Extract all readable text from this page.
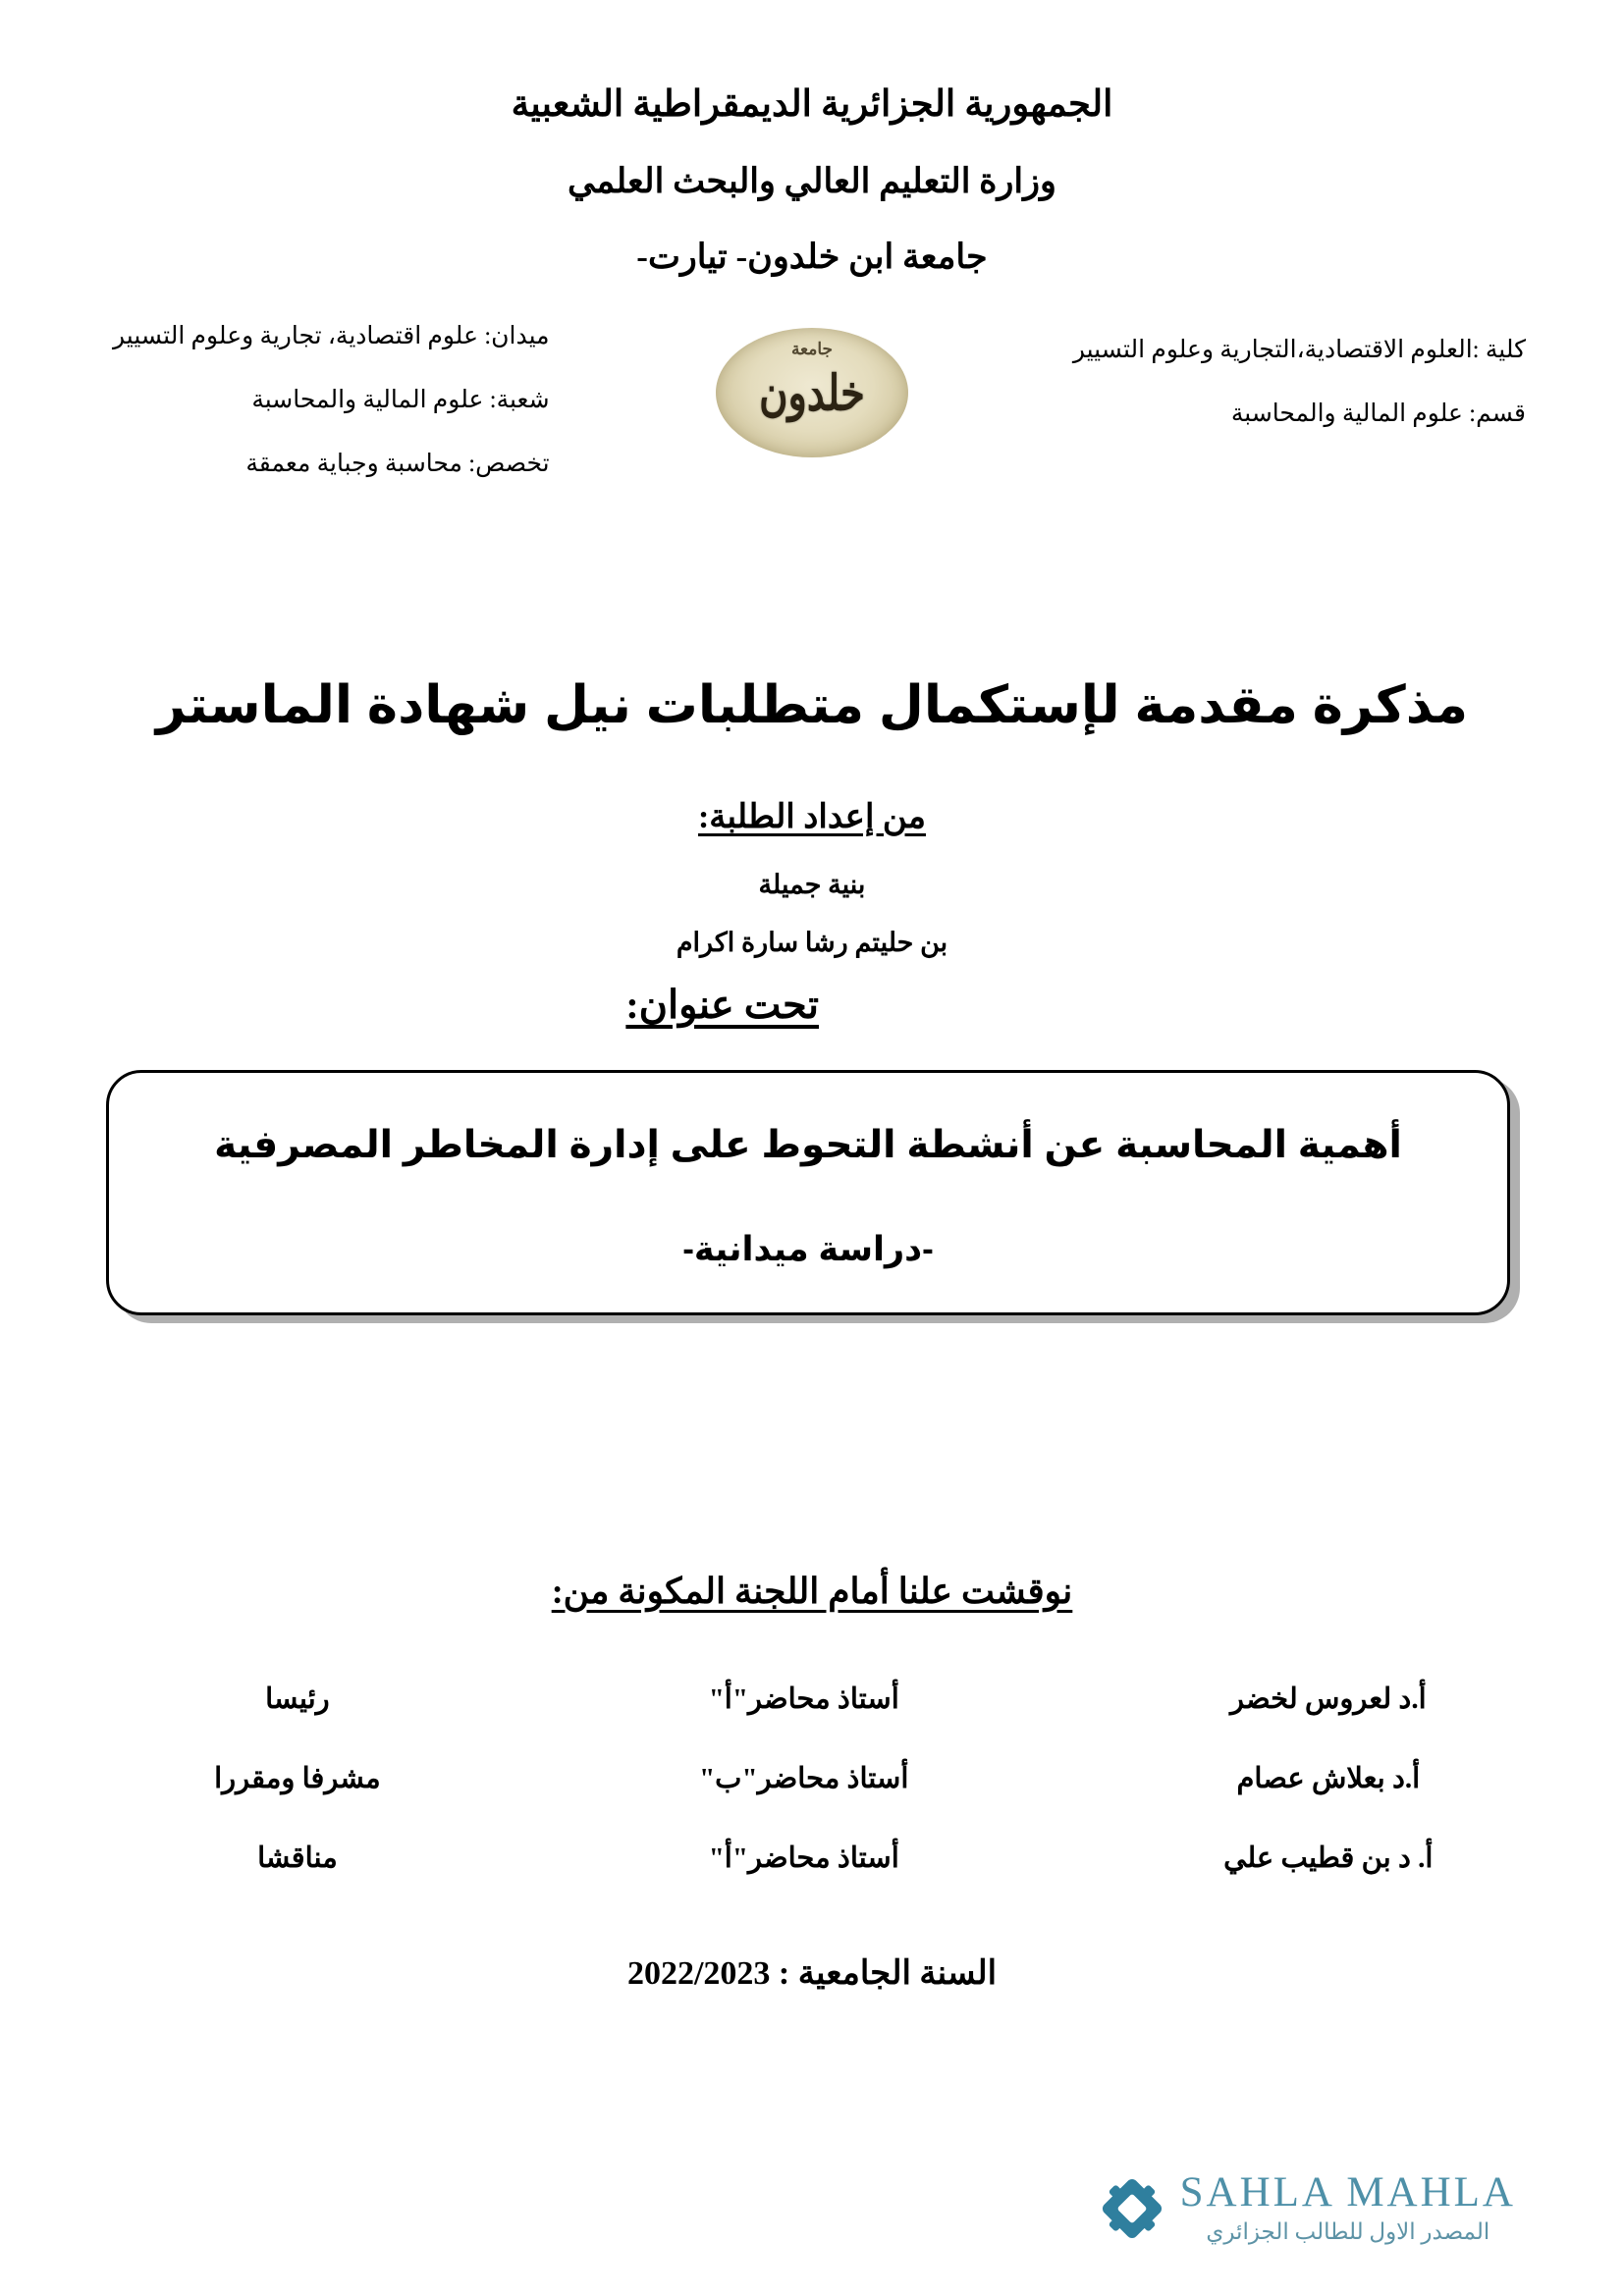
الجمهورية الجزائرية الديمقراطية الشعبية
وزارة التعليم العالي والبحث العلمي
جامعة ابن خلدون- تيارت-
كلية :العلوم الاقتصادية،التجارية وعلوم التسيير
قسم: علوم المالية والمحاسبة
جامعة
خلدون
ميدان: علوم اقتصادية، تجارية وعلوم التسيير
شعبة: علوم المالية والمحاسبة
تخصص: محاسبة وجباية معمقة
مذكرة مقدمة لإستكمال متطلبات نيل شهادة الماستر
من إعداد الطلبة:
بنية جميلة
بن حليتم رشا سارة اكرام
تحت عنوان:
أهمية المحاسبة عن أنشطة التحوط على إدارة المخاطر المصرفية
-دراسة ميدانية-
نوقشت علنا أمام اللجنة المكونة من:
أ.د لعروس لخضر	أستاذ محاضر"أ"	رئيسا
أ.د بعلاش عصام	أستاذ محاضر"ب"	مشرفا ومقررا
أ. د بن قطيب علي	أستاذ محاضر"أ"	مناقشا
السنة الجامعية : 2022/2023
SAHLA MAHLA
المصدر الاول للطالب الجزائري
